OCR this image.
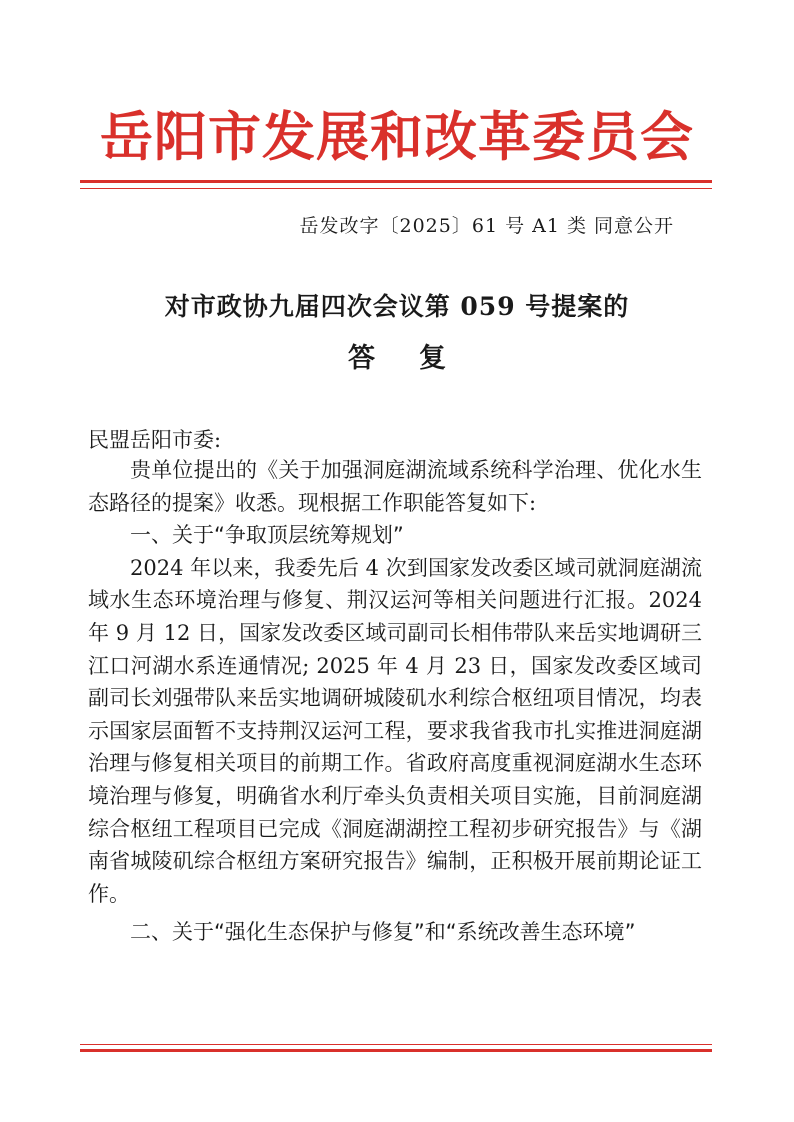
岳阳市发展和改革委员会
岳发改字〔2025〕61 号 A1 类 同意公开
对市政协九届四次会议第 059 号提案的
答 复
民盟岳阳市委:

贵单位提出的《关于加强洞庭湖流域系统科学治理、优化水生态路径的提案》收悉。现根据工作职能答复如下:

一、关于“争取顶层统筹规划”

2024 年以来，我委先后 4 次到国家发改委区域司就洞庭湖流域水生态环境治理与修复、荆汉运河等相关问题进行汇报。2024 年 9 月 12 日，国家发改委区域司副司长相伟带队来岳实地调研三江口河湖水系连通情况; 2025 年 4 月 23 日，国家发改委区域司副司长刘强带队来岳实地调研城陵矶水利综合枢纽项目情况，均表示国家层面暂不支持荆汉运河工程，要求我省我市扎实推进洞庭湖治理与修复相关项目的前期工作。省政府高度重视洞庭湖水生态环境治理与修复，明确省水利厅牵头负责相关项目实施，目前洞庭湖综合枢纽工程项目已完成《洞庭湖湖控工程初步研究报告》与《湖南省城陵矶综合枢纽方案研究报告》编制，正积极开展前期论证工作。

二、关于“强化生态保护与修复”和“系统改善生态环境”
